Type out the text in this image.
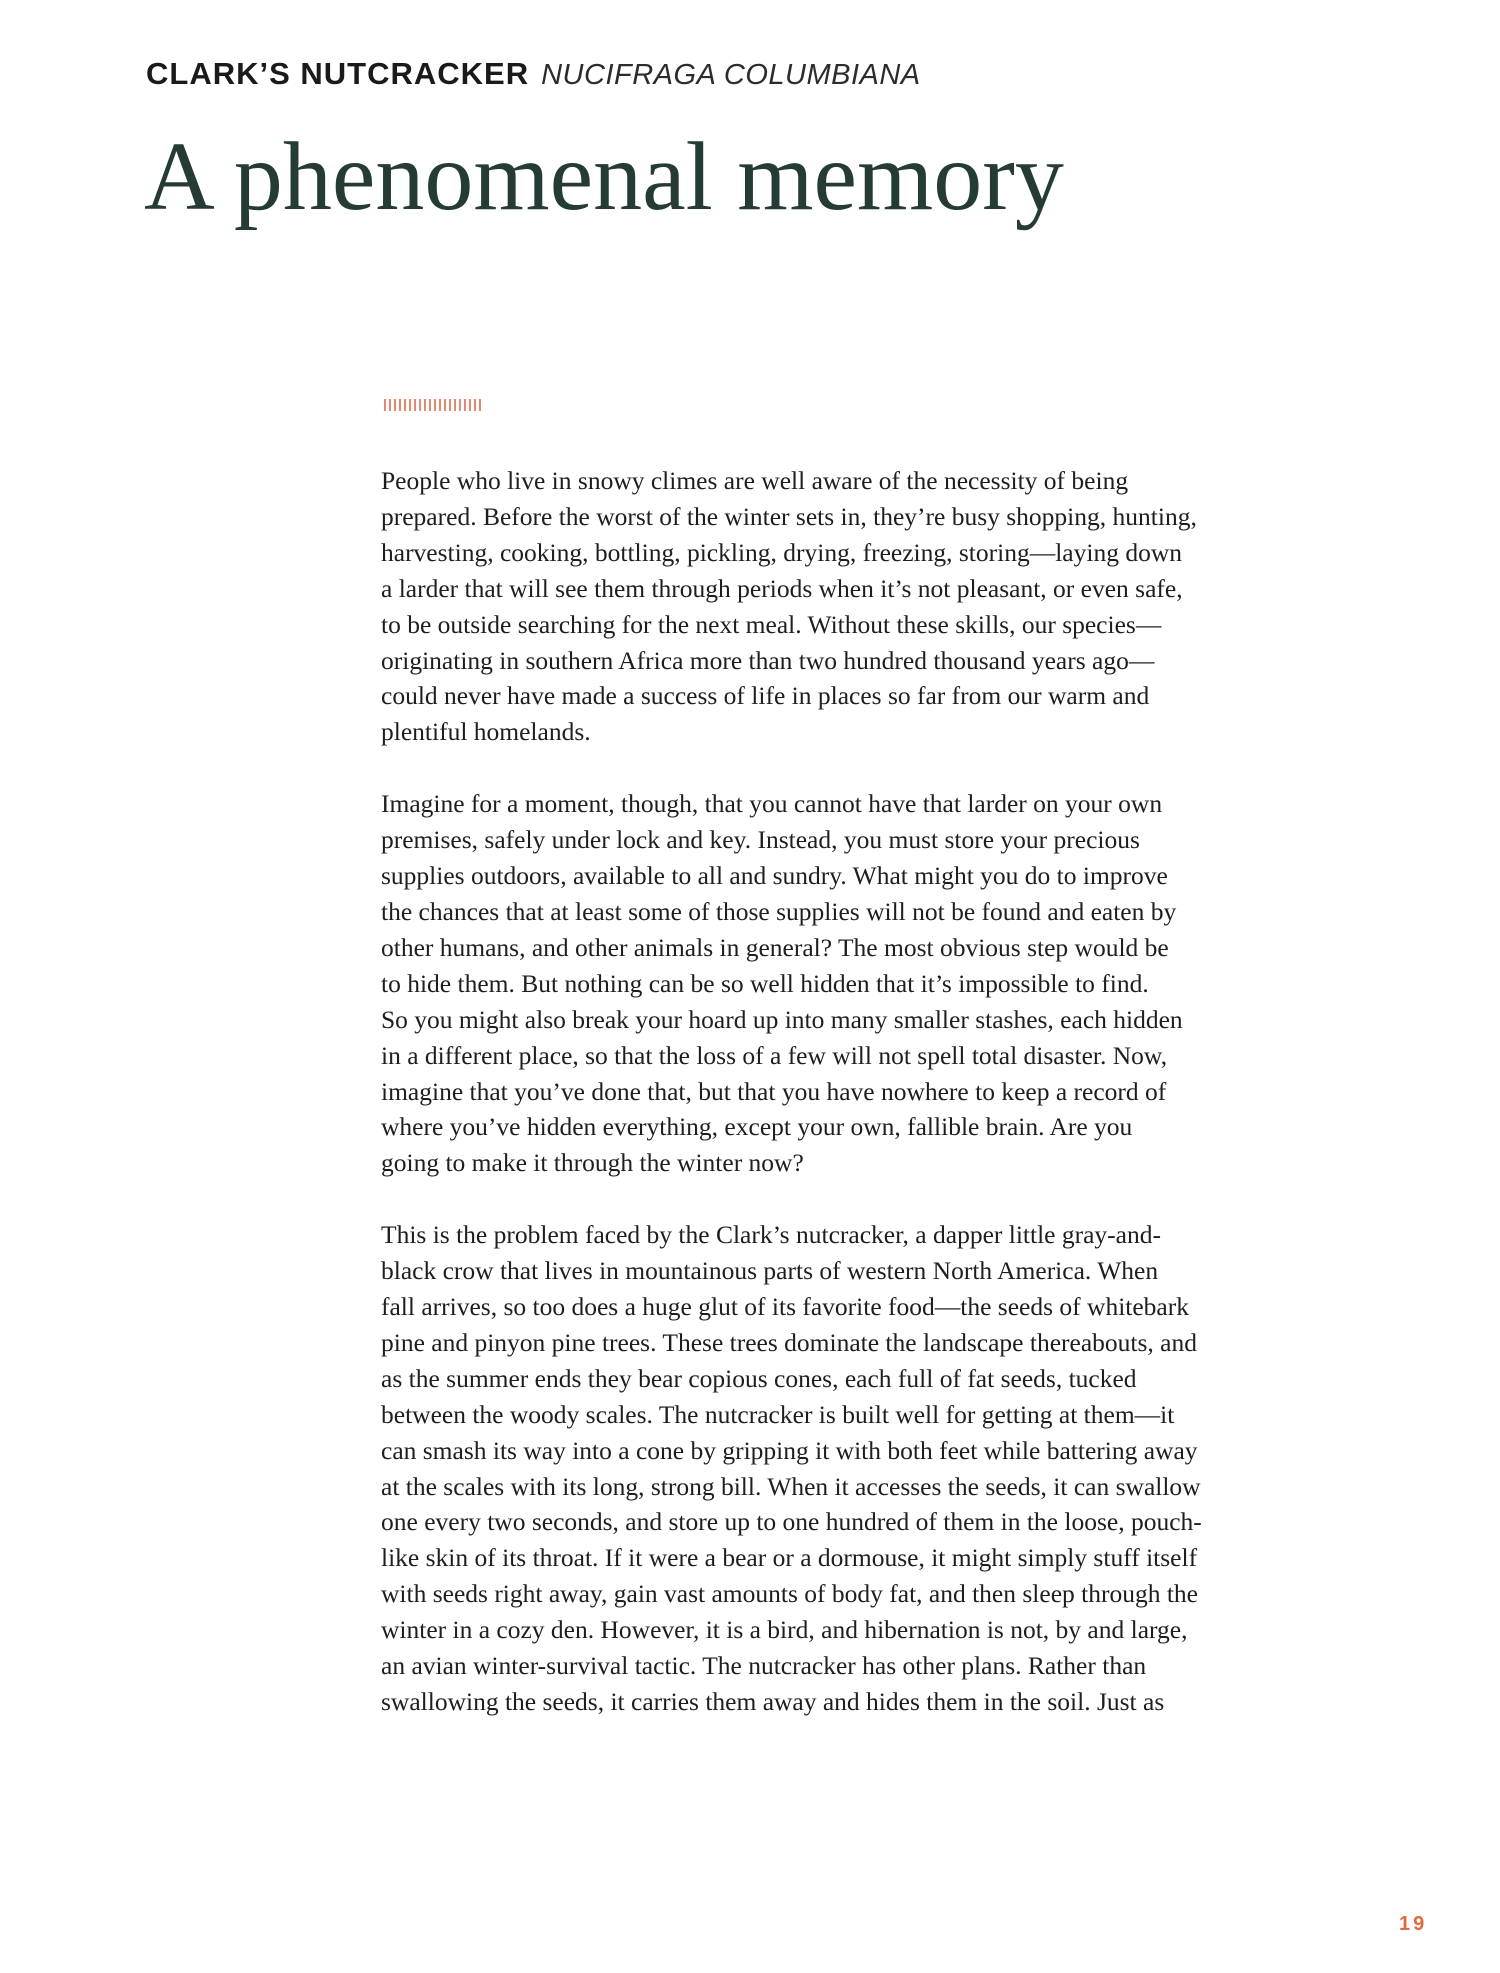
CLARK’S NUTCRACKER NUCIFRAGA COLUMBIANA
A phenomenal memory

People who live in snowy climes are well aware of the necessity of being
prepared. Before the worst of the winter sets in, they’re busy shopping, hunting,
harvesting, cooking, bottling, pickling, drying, freezing, storing—laying down
a larder that will see them through periods when it’s not pleasant, or even safe,
to be outside searching for the next meal. Without these skills, our species—
originating in southern Africa more than two hundred thousand years ago—
could never have made a success of life in places so far from our warm and
plentiful homelands.

Imagine for a moment, though, that you cannot have that larder on your own
premises, safely under lock and key. Instead, you must store your precious
supplies outdoors, available to all and sundry. What might you do to improve
the chances that at least some of those supplies will not be found and eaten by
other humans, and other animals in general? The most obvious step would be
to hide them. But nothing can be so well hidden that it’s impossible to find.
So you might also break your hoard up into many smaller stashes, each hidden
in a different place, so that the loss of a few will not spell total disaster. Now,
imagine that you’ve done that, but that you have nowhere to keep a record of
where you’ve hidden everything, except your own, fallible brain. Are you
going to make it through the winter now?

This is the problem faced by the Clark’s nutcracker, a dapper little gray-and-
black crow that lives in mountainous parts of western North America. When
fall arrives, so too does a huge glut of its favorite food—the seeds of whitebark
pine and pinyon pine trees. These trees dominate the landscape thereabouts, and
as the summer ends they bear copious cones, each full of fat seeds, tucked
between the woody scales. The nutcracker is built well for getting at them—it
can smash its way into a cone by gripping it with both feet while battering away
at the scales with its long, strong bill. When it accesses the seeds, it can swallow
one every two seconds, and store up to one hundred of them in the loose, pouch-
like skin of its throat. If it were a bear or a dormouse, it might simply stuff itself
with seeds right away, gain vast amounts of body fat, and then sleep through the
winter in a cozy den. However, it is a bird, and hibernation is not, by and large,
an avian winter-survival tactic. The nutcracker has other plans. Rather than
swallowing the seeds, it carries them away and hides them in the soil. Just as

19
